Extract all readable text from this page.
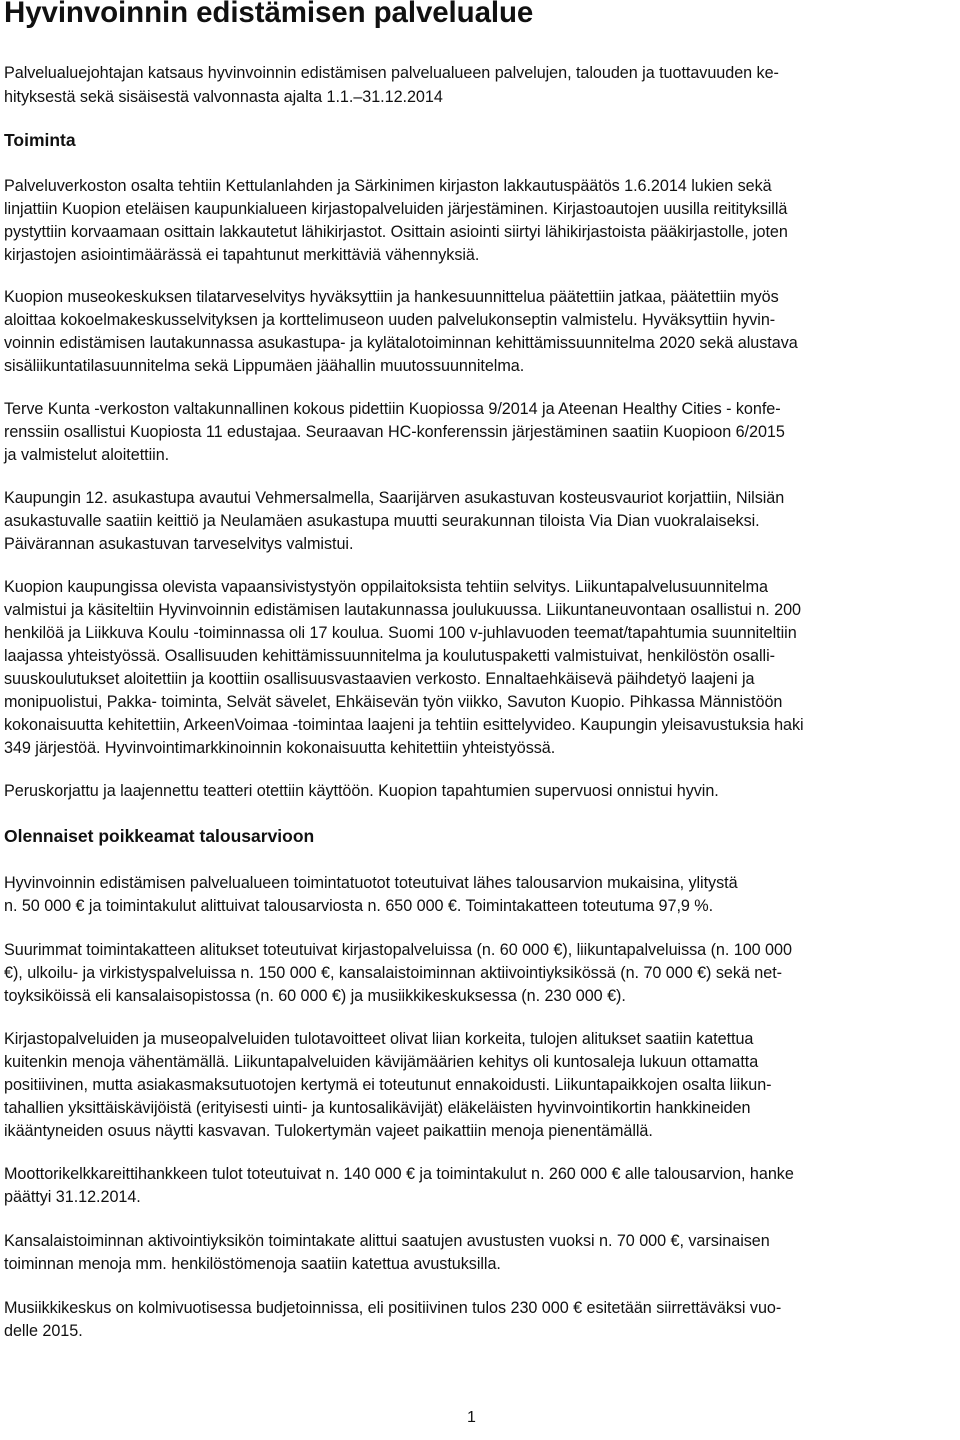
Hyvinvoinnin edistämisen palvelualue

Palvelualuejohtajan katsaus hyvinvoinnin edistämisen palvelualueen palvelujen, talouden ja tuottavuuden ke-

hityksestä sekä sisäisestä valvonnasta ajalta 1.1.–31.12.2014

Toiminta

Palveluverkoston osalta tehtiin Kettulanlahden ja Särkinimen kirjaston lakkautuspäätös 1.6.2014 lukien sekä

linjattiin Kuopion eteläisen kaupunkialueen kirjastopalveluiden järjestäminen. Kirjastoautojen uusilla reitityksillä

pystyttiin korvaamaan osittain lakkautetut lähikirjastot. Osittain asiointi siirtyi lähikirjastoista pääkirjastolle, joten

kirjastojen asiointimäärässä ei tapahtunut merkittäviä vähennyksiä.

Kuopion museokeskuksen tilatarveselvitys hyväksyttiin ja hankesuunnittelua päätettiin jatkaa, päätettiin myös

aloittaa kokoelmakeskusselvityksen ja korttelimuseon uuden palvelukonseptin valmistelu. Hyväksyttiin hyvin-

voinnin edistämisen lautakunnassa asukastupa- ja kylätalotoiminnan kehittämissuunnitelma 2020 sekä alustava

sisäliikuntatilasuunnitelma sekä Lippumäen jäähallin muutossuunnitelma.

Terve Kunta -verkoston valtakunnallinen kokous pidettiin Kuopiossa 9/2014 ja Ateenan Healthy Cities - konfe-

renssiin osallistui Kuopiosta 11 edustajaa. Seuraavan HC-konferenssin järjestäminen saatiin Kuopioon 6/2015

ja valmistelut aloitettiin.

Kaupungin 12. asukastupa avautui Vehmersalmella, Saarijärven asukastuvan kosteusvauriot korjattiin, Nilsiän

asukastuvalle saatiin keittiö ja Neulamäen asukastupa muutti seurakunnan tiloista Via Dian vuokralaiseksi.

Päivärannan asukastuvan tarveselvitys valmistui.

Kuopion kaupungissa olevista vapaansivistystyön oppilaitoksista tehtiin selvitys. Liikuntapalvelusuunnitelma

valmistui ja käsiteltiin Hyvinvoinnin edistämisen lautakunnassa joulukuussa. Liikuntaneuvontaan osallistui n. 200

henkilöä ja Liikkuva Koulu -toiminnassa oli 17 koulua. Suomi 100 v-juhlavuoden teemat/tapahtumia suunniteltiin

laajassa yhteistyössä. Osallisuuden kehittämissuunnitelma ja koulutuspaketti valmistuivat, henkilöstön osalli-

suuskoulutukset aloitettiin ja koottiin osallisuusvastaavien verkosto. Ennaltaehkäisevä päihdetyö laajeni ja

monipuolistui, Pakka- toiminta, Selvät sävelet, Ehkäisevän työn viikko, Savuton Kuopio. Pihkassa Männistöön

kokonaisuutta kehitettiin, ArkeenVoimaa -toimintaa laajeni ja tehtiin esittelyvideo. Kaupungin yleisavustuksia haki

349 järjestöä. Hyvinvointimarkkinoinnin kokonaisuutta kehitettiin yhteistyössä.

Peruskorjattu ja laajennettu teatteri otettiin käyttöön. Kuopion tapahtumien supervuosi onnistui hyvin.

Olennaiset poikkeamat talousarvioon

Hyvinvoinnin edistämisen palvelualueen toimintatuotot toteutuivat lähes talousarvion mukaisina, ylitystä

n. 50 000 € ja toimintakulut alittuivat talousarviosta n. 650 000 €. Toimintakatteen toteutuma 97,9 %.

Suurimmat toimintakatteen alitukset toteutuivat kirjastopalveluissa (n. 60 000 €), liikuntapalveluissa (n. 100 000

€), ulkoilu- ja virkistyspalveluissa n. 150 000 €, kansalaistoiminnan aktiivointiyksikössä (n. 70 000 €) sekä net-

toyksiköissä eli kansalaisopistossa (n. 60 000 €) ja musiikkikeskuksessa (n. 230 000 €).

Kirjastopalveluiden ja museopalveluiden tulotavoitteet olivat liian korkeita, tulojen alitukset saatiin katettua

kuitenkin menoja vähentämällä. Liikuntapalveluiden kävijämäärien kehitys oli kuntosaleja lukuun ottamatta

positiivinen, mutta asiakasmaksutuotojen kertymä ei toteutunut ennakoidusti. Liikuntapaikkojen osalta liikun-

tahallien yksittäiskävijöistä (erityisesti uinti- ja kuntosalikävijät) eläkeläisten hyvinvointikortin hankkineiden

ikääntyneiden osuus näytti kasvavan. Tulokertymän vajeet paikattiin menoja pienentämällä.

Moottorikelkkareittihankkeen tulot toteutuivat n. 140 000 € ja toimintakulut n. 260 000 € alle talousarvion, hanke

päättyi 31.12.2014.

Kansalaistoiminnan aktivointiyksikön toimintakate alittui saatujen avustusten vuoksi n. 70 000 €, varsinaisen

toiminnan menoja mm. henkilöstömenoja saatiin katettua avustuksilla.

Musiikkikeskus on kolmivuotisessa budjetoinnissa, eli positiivinen tulos 230 000 € esitetään siirrettäväksi vuo-

delle 2015.

1
